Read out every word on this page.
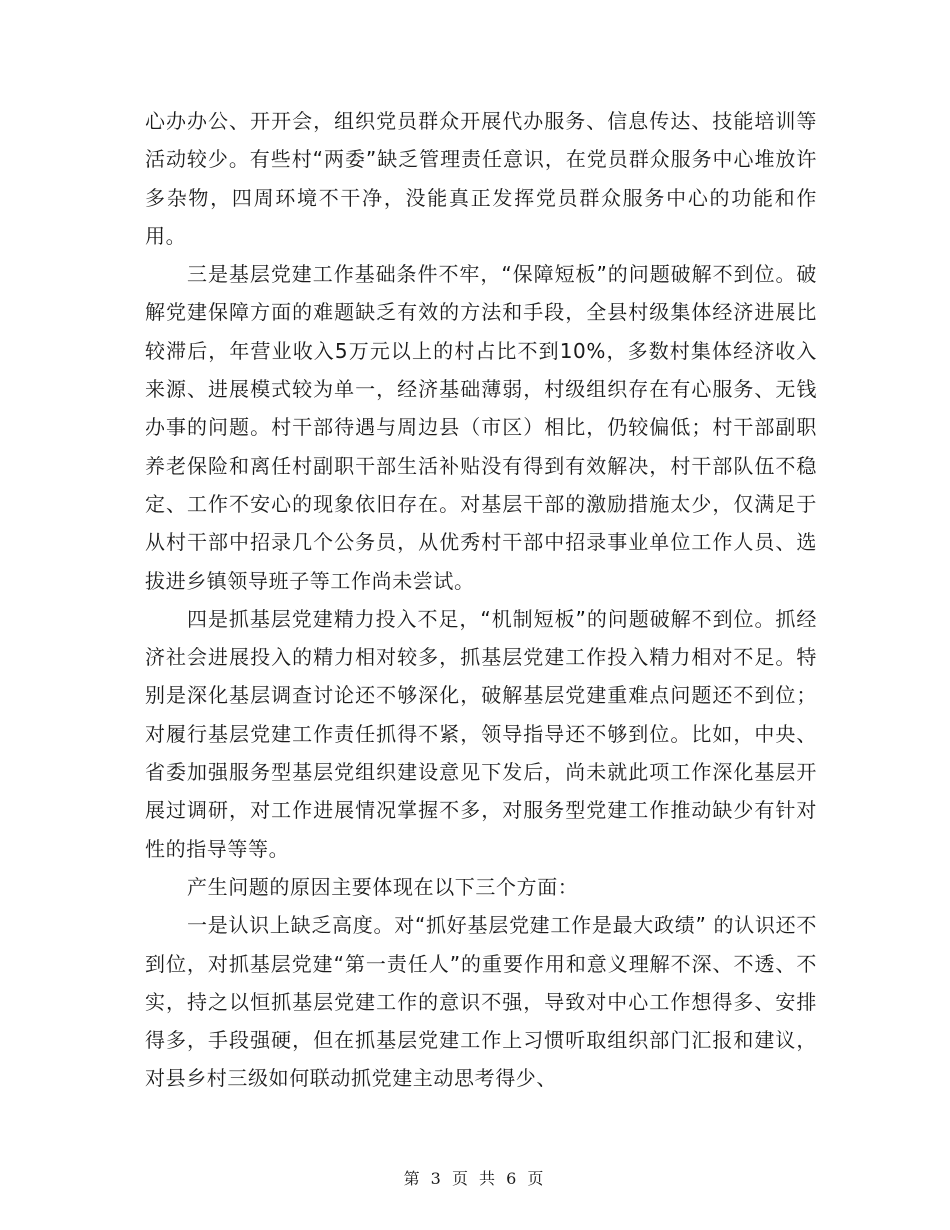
心办办公、开开会，组织党员群众开展代办服务、信息传达、技能培训等活动较少。有些村“两委”缺乏管理责任意识，在党员群众服务中心堆放许多杂物，四周环境不干净，没能真正发挥党员群众服务中心的功能和作用。

三是基层党建工作基础条件不牢，“保障短板”的问题破解不到位。破解党建保障方面的难题缺乏有效的方法和手段，全县村级集体经济进展比较滞后，年营业收入5万元以上的村占比不到10%，多数村集体经济收入来源、进展模式较为单一，经济基础薄弱，村级组织存在有心服务、无钱办事的问题。村干部待遇与周边县（市区）相比，仍较偏低；村干部副职养老保险和离任村副职干部生活补贴没有得到有效解决，村干部队伍不稳定、工作不安心的现象依旧存在。对基层干部的激励措施太少，仅满足于从村干部中招录几个公务员，从优秀村干部中招录事业单位工作人员、选拔进乡镇领导班子等工作尚未尝试。

四是抓基层党建精力投入不足，“机制短板”的问题破解不到位。抓经济社会进展投入的精力相对较多，抓基层党建工作投入精力相对不足。特别是深化基层调查讨论还不够深化，破解基层党建重难点问题还不到位；对履行基层党建工作责任抓得不紧，领导指导还不够到位。比如，中央、省委加强服务型基层党组织建设意见下发后，尚未就此项工作深化基层开展过调研，对工作进展情况掌握不多，对服务型党建工作推动缺少有针对性的指导等等。

产生问题的原因主要体现在以下三个方面：

一是认识上缺乏高度。对“抓好基层党建工作是最大政绩” 的认识还不到位，对抓基层党建“第一责任人”的重要作用和意义理解不深、不透、不实，持之以恒抓基层党建工作的意识不强，导致对中心工作想得多、安排得多，手段强硬，但在抓基层党建工作上习惯听取组织部门汇报和建议，对县乡村三级如何联动抓党建主动思考得少、

第 3 页 共 6 页
